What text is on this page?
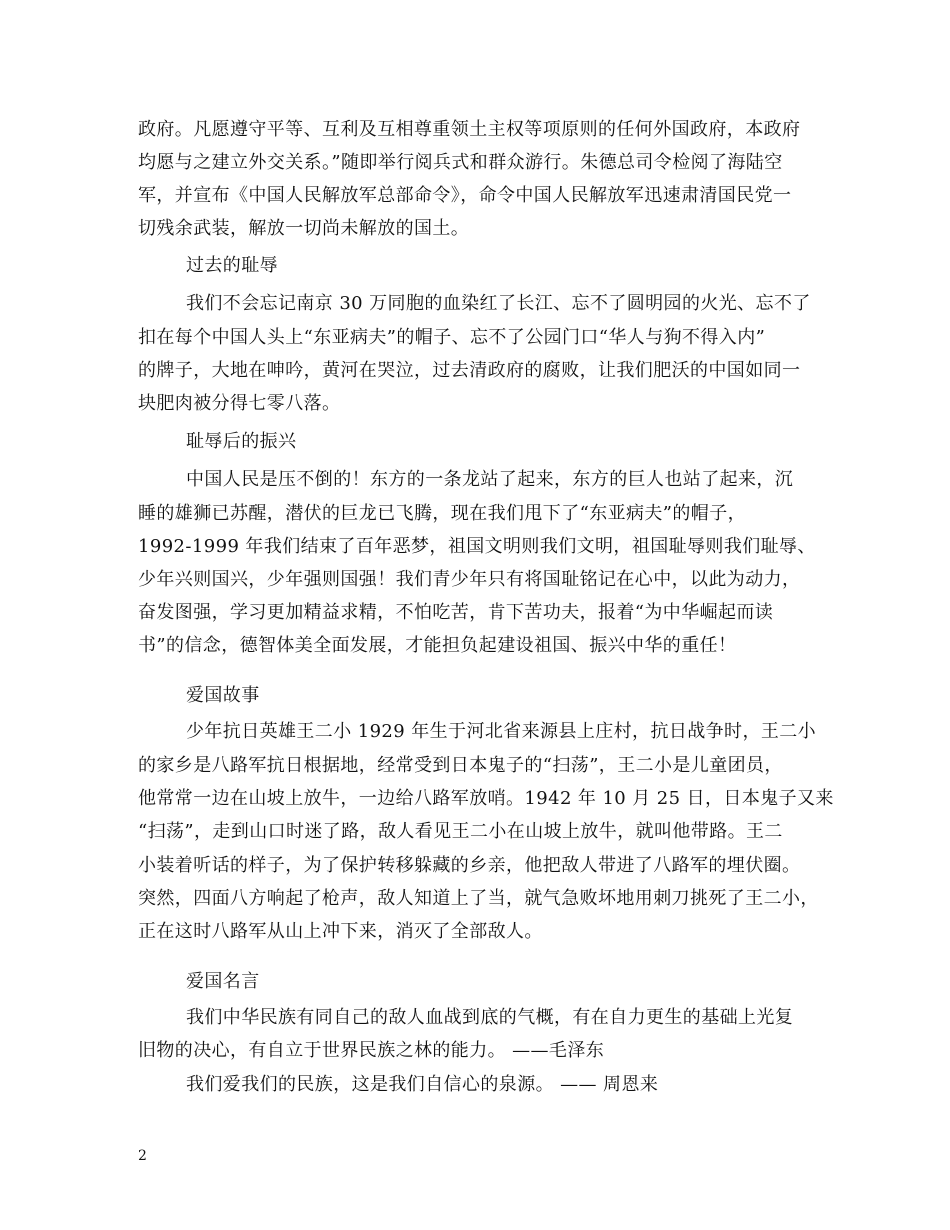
政府。凡愿遵守平等、互利及互相尊重领土主权等项原则的任何外国政府，本政府
均愿与之建立外交关系。”随即举行阅兵式和群众游行。朱德总司令检阅了海陆空
军，并宣布《中国人民解放军总部命令》，命令中国人民解放军迅速肃清国民党一
切残余武装，解放一切尚未解放的国土。
过去的耻辱
我们不会忘记南京 30 万同胞的血染红了长江、忘不了圆明园的火光、忘不了
扣在每个中国人头上“东亚病夫”的帽子、忘不了公园门口“华人与狗不得入内”
的牌子，大地在呻吟，黄河在哭泣，过去清政府的腐败，让我们肥沃的中国如同一
块肥肉被分得七零八落。
耻辱后的振兴
中国人民是压不倒的！东方的一条龙站了起来，东方的巨人也站了起来，沉
睡的雄狮已苏醒，潜伏的巨龙已飞腾，现在我们甩下了“东亚病夫”的帽子，
1992-1999 年我们结束了百年恶梦，祖国文明则我们文明，祖国耻辱则我们耻辱、
少年兴则国兴，少年强则国强！我们青少年只有将国耻铭记在心中，以此为动力，
奋发图强，学习更加精益求精，不怕吃苦，肯下苦功夫，报着“为中华崛起而读
书”的信念，德智体美全面发展，才能担负起建设祖国、振兴中华的重任！
爱国故事
少年抗日英雄王二小 1929 年生于河北省来源县上庄村，抗日战争时，王二小
的家乡是八路军抗日根据地，经常受到日本鬼子的“扫荡”，王二小是儿童团员，
他常常一边在山坡上放牛，一边给八路军放哨。1942 年 10 月 25 日，日本鬼子又来
“扫荡”，走到山口时迷了路，敌人看见王二小在山坡上放牛，就叫他带路。王二
小装着听话的样子，为了保护转移躲藏的乡亲，他把敌人带进了八路军的埋伏圈。
突然，四面八方响起了枪声，敌人知道上了当，就气急败坏地用刺刀挑死了王二小，
正在这时八路军从山上冲下来，消灭了全部敌人。
爱国名言
我们中华民族有同自己的敌人血战到底的气概，有在自力更生的基础上光复
旧物的决心，有自立于世界民族之林的能力。 ——毛泽东
我们爱我们的民族，这是我们自信心的泉源。 —— 周恩来
2
